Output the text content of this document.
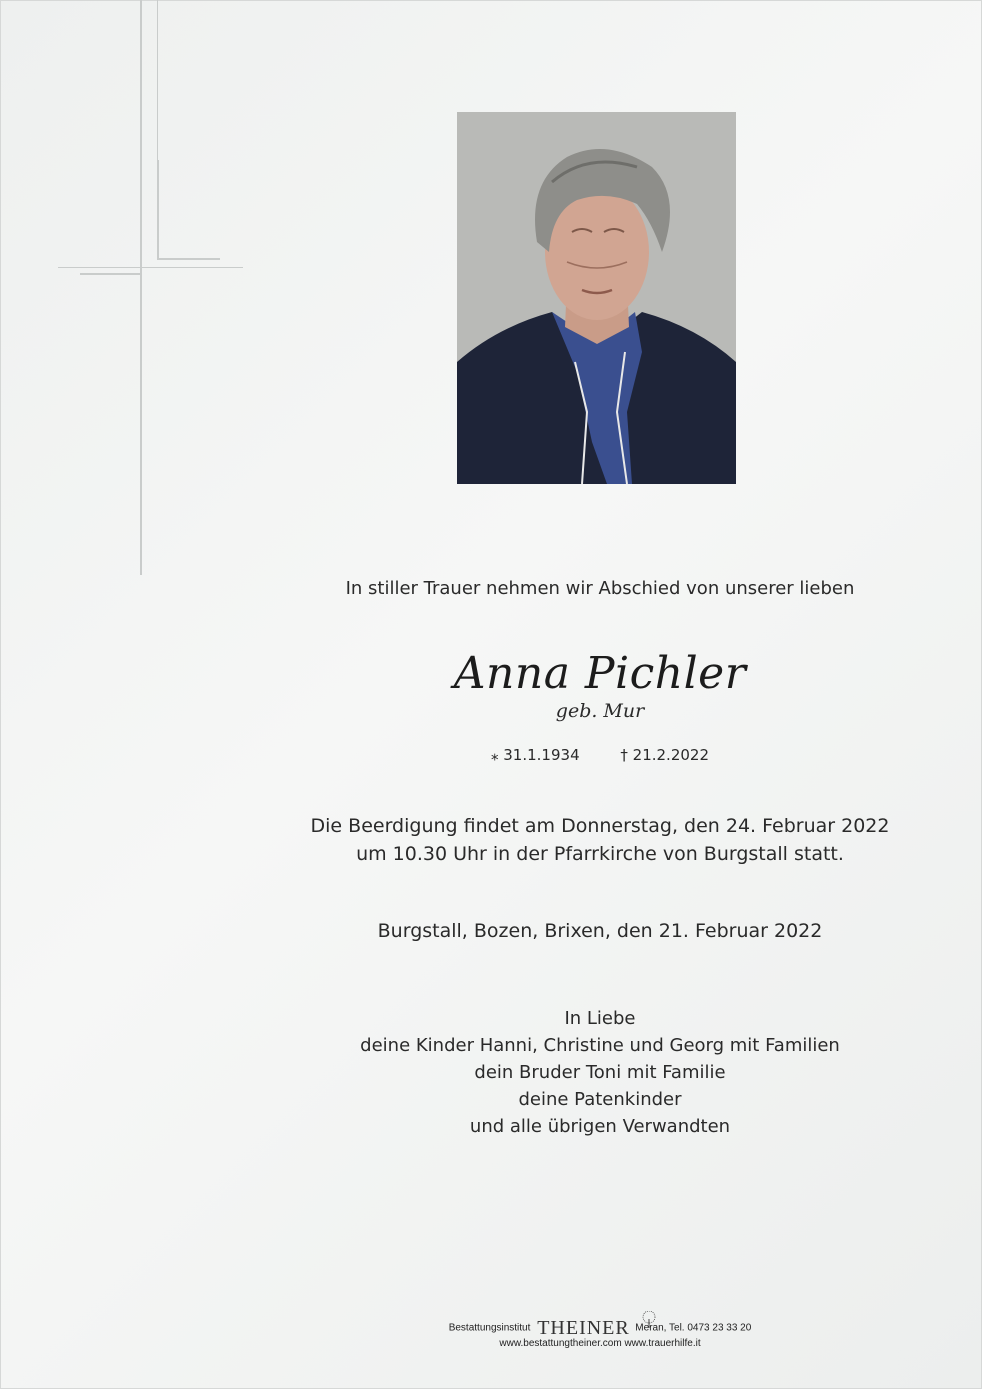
In stiller Trauer nehmen wir Abschied von unserer lieben
Anna Pichler
geb. Mur
⁎ 31.1.1934	† 21.2.2022
Die Beerdigung findet am Donnerstag, den 24. Februar 2022
um 10.30 Uhr in der Pfarrkirche von Burgstall statt.
Burgstall, Bozen, Brixen, den 21. Februar 2022
In Liebe
deine Kinder Hanni, Christine und Georg mit Familien
dein Bruder Toni mit Familie
deine Patenkinder
und alle übrigen Verwandten
Bestattungsinstitut THEINER Meran, Tel. 0473 23 33 20
www.bestattungtheiner.com www.trauerhilfe.it
